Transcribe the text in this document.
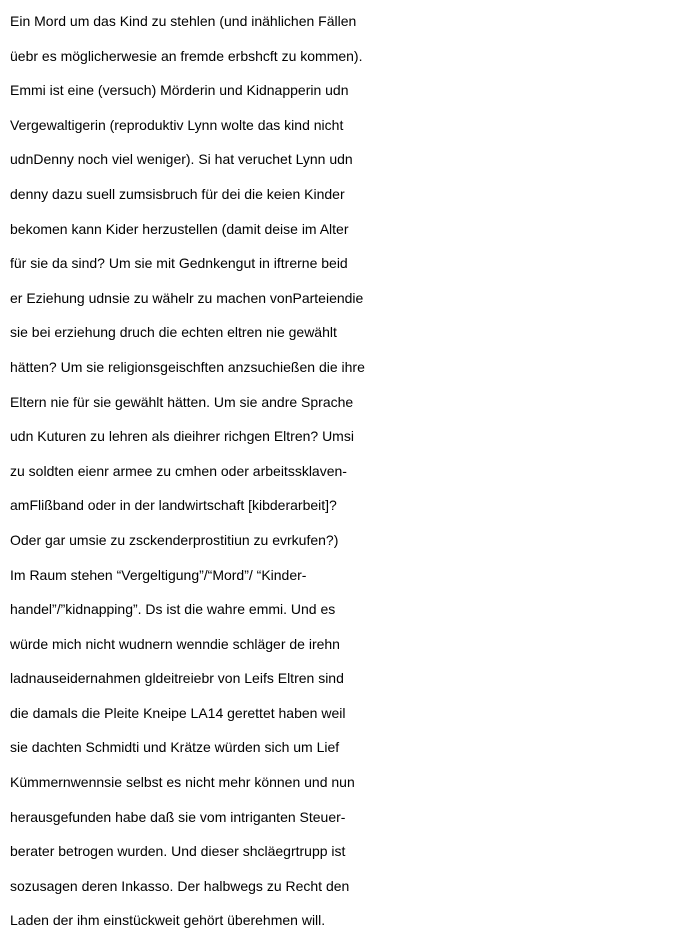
Ein Mord um das Kind zu stehlen (und inählichen Fällen
üebr es möglicherwesie an fremde erbshcft zu kommen).
Emmi ist eine (versuch) Mörderin und Kidnapperin udn
Vergewaltigerin (reproduktiv Lynn wolte das kind nicht
udnDenny noch viel weniger). Si hat veruchet Lynn udn
denny dazu suell zumsisbruch für dei die keien Kinder
bekomen kann Kider herzustellen (damit deise im Alter
für sie da sind? Um sie mit Gednkengut in iftrerne beid
er Eziehung udnsie zu wähelr zu machen vonParteiendie
sie bei erziehung druch die echten eltren nie gewählt
hätten? Um sie religionsgeischften anzsuchießen die ihre
Eltern nie für sie gewählt hätten. Um sie andre Sprache
udn Kuturen zu lehren als dieihrer richgen Eltren? Umsi
zu soldten eienr armee zu cmhen oder arbeitssklaven-
amFlißband oder in der landwirtschaft [kibderarbeit]?
Oder gar umsie zu zsckenderprostitiun zu evrkufen?)
Im Raum stehen “Vergeltigung”/“Mord”/ “Kinder-
handel”/”kidnapping”. Ds ist die wahre emmi. Und es
würde mich nicht wudnern wenndie schläger de irehn
ladnauseidernahmen gldeitreiebr von Leifs Eltren sind
die damals die Pleite Kneipe LA14 gerettet haben weil
sie dachten Schmidti und Krätze würden sich um Lief
Kümmernwennsie selbst es nicht mehr können und nun
herausgefunden habe daß sie vom intriganten Steuer-
berater betrogen wurden. Und dieser shcläegrtrupp ist
sozusagen deren Inkasso. Der halbwegs zu Recht den
Laden der ihm einstückweit gehört überehmen will.
